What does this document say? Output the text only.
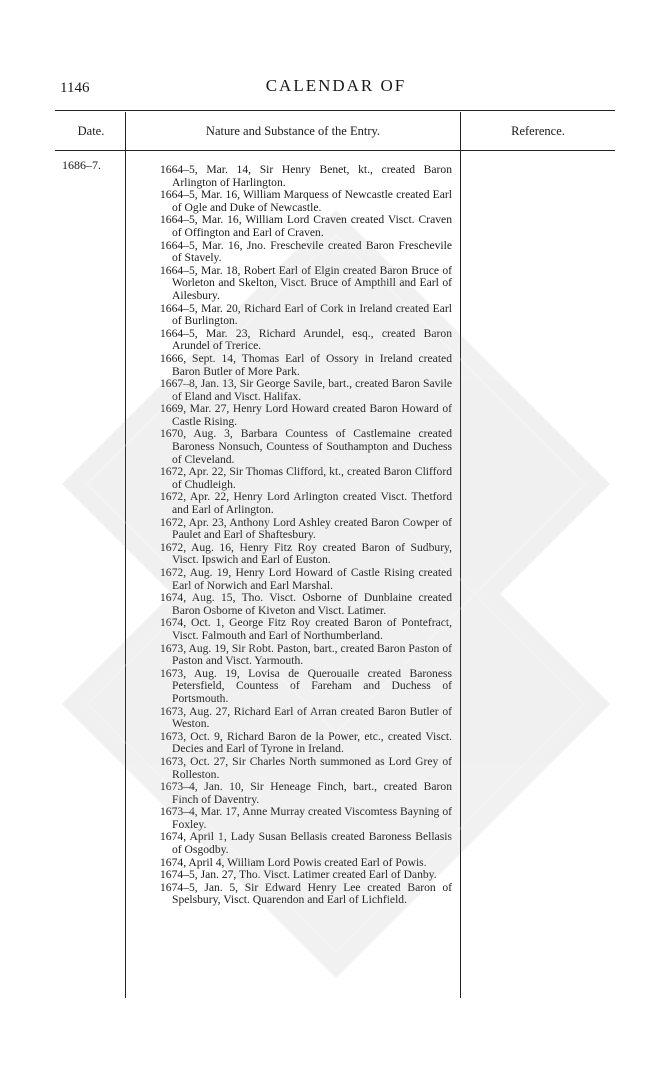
1146	CALENDAR OF
Date.	Nature and Substance of the Entry.	Reference.
1686–7.	1664–5, Mar. 14, Sir Henry Benet, kt., created Baron Arlington of Harlington.
1664–5, Mar. 16, William Marquess of Newcastle created Earl of Ogle and Duke of Newcastle.
1664–5, Mar. 16, William Lord Craven created Visct. Craven of Offington and Earl of Craven.
1664–5, Mar. 16, Jno. Freschevile created Baron Freschevile of Stavely.
1664–5, Mar. 18, Robert Earl of Elgin created Baron Bruce of Worleton and Skelton, Visct. Bruce of Ampthill and Earl of Ailesbury.
1664–5, Mar. 20, Richard Earl of Cork in Ireland created Earl of Burlington.
1664–5, Mar. 23, Richard Arundel, esq., created Baron Arundel of Trerice.
1666, Sept. 14, Thomas Earl of Ossory in Ireland created Baron Butler of More Park.
1667–8, Jan. 13, Sir George Savile, bart., created Baron Savile of Eland and Visct. Halifax.
1669, Mar. 27, Henry Lord Howard created Baron Howard of Castle Rising.
1670, Aug. 3, Barbara Countess of Castlemaine created Baroness Nonsuch, Countess of Southampton and Duchess of Cleveland.
1672, Apr. 22, Sir Thomas Clifford, kt., created Baron Clifford of Chudleigh.
1672, Apr. 22, Henry Lord Arlington created Visct. Thetford and Earl of Arlington.
1672, Apr. 23, Anthony Lord Ashley created Baron Cowper of Paulet and Earl of Shaftesbury.
1672, Aug. 16, Henry Fitz Roy created Baron of Sudbury, Visct. Ipswich and Earl of Euston.
1672, Aug. 19, Henry Lord Howard of Castle Rising created Earl of Norwich and Earl Marshal.
1674, Aug. 15, Tho. Visct. Osborne of Dunblaine created Baron Osborne of Kiveton and Visct. Latimer.
1674, Oct. 1, George Fitz Roy created Baron of Pontefract, Visct. Falmouth and Earl of Northumberland.
1673, Aug. 19, Sir Robt. Paston, bart., created Baron Paston of Paston and Visct. Yarmouth.
1673, Aug. 19, Lovisa de Querouaile created Baroness Petersfield, Countess of Fareham and Duchess of Portsmouth.
1673, Aug. 27, Richard Earl of Arran created Baron Butler of Weston.
1673, Oct. 9, Richard Baron de la Power, etc., created Visct. Decies and Earl of Tyrone in Ireland.
1673, Oct. 27, Sir Charles North summoned as Lord Grey of Rolleston.
1673–4, Jan. 10, Sir Heneage Finch, bart., created Baron Finch of Daventry.
1673–4, Mar. 17, Anne Murray created Viscomtess Bayning of Foxley.
1674, April 1, Lady Susan Bellasis created Baroness Bellasis of Osgodby.
1674, April 4, William Lord Powis created Earl of Powis.
1674–5, Jan. 27, Tho. Visct. Latimer created Earl of Danby.
1674–5, Jan. 5, Sir Edward Henry Lee created Baron of Spelsbury, Visct. Quarendon and Earl of Lichfield.
